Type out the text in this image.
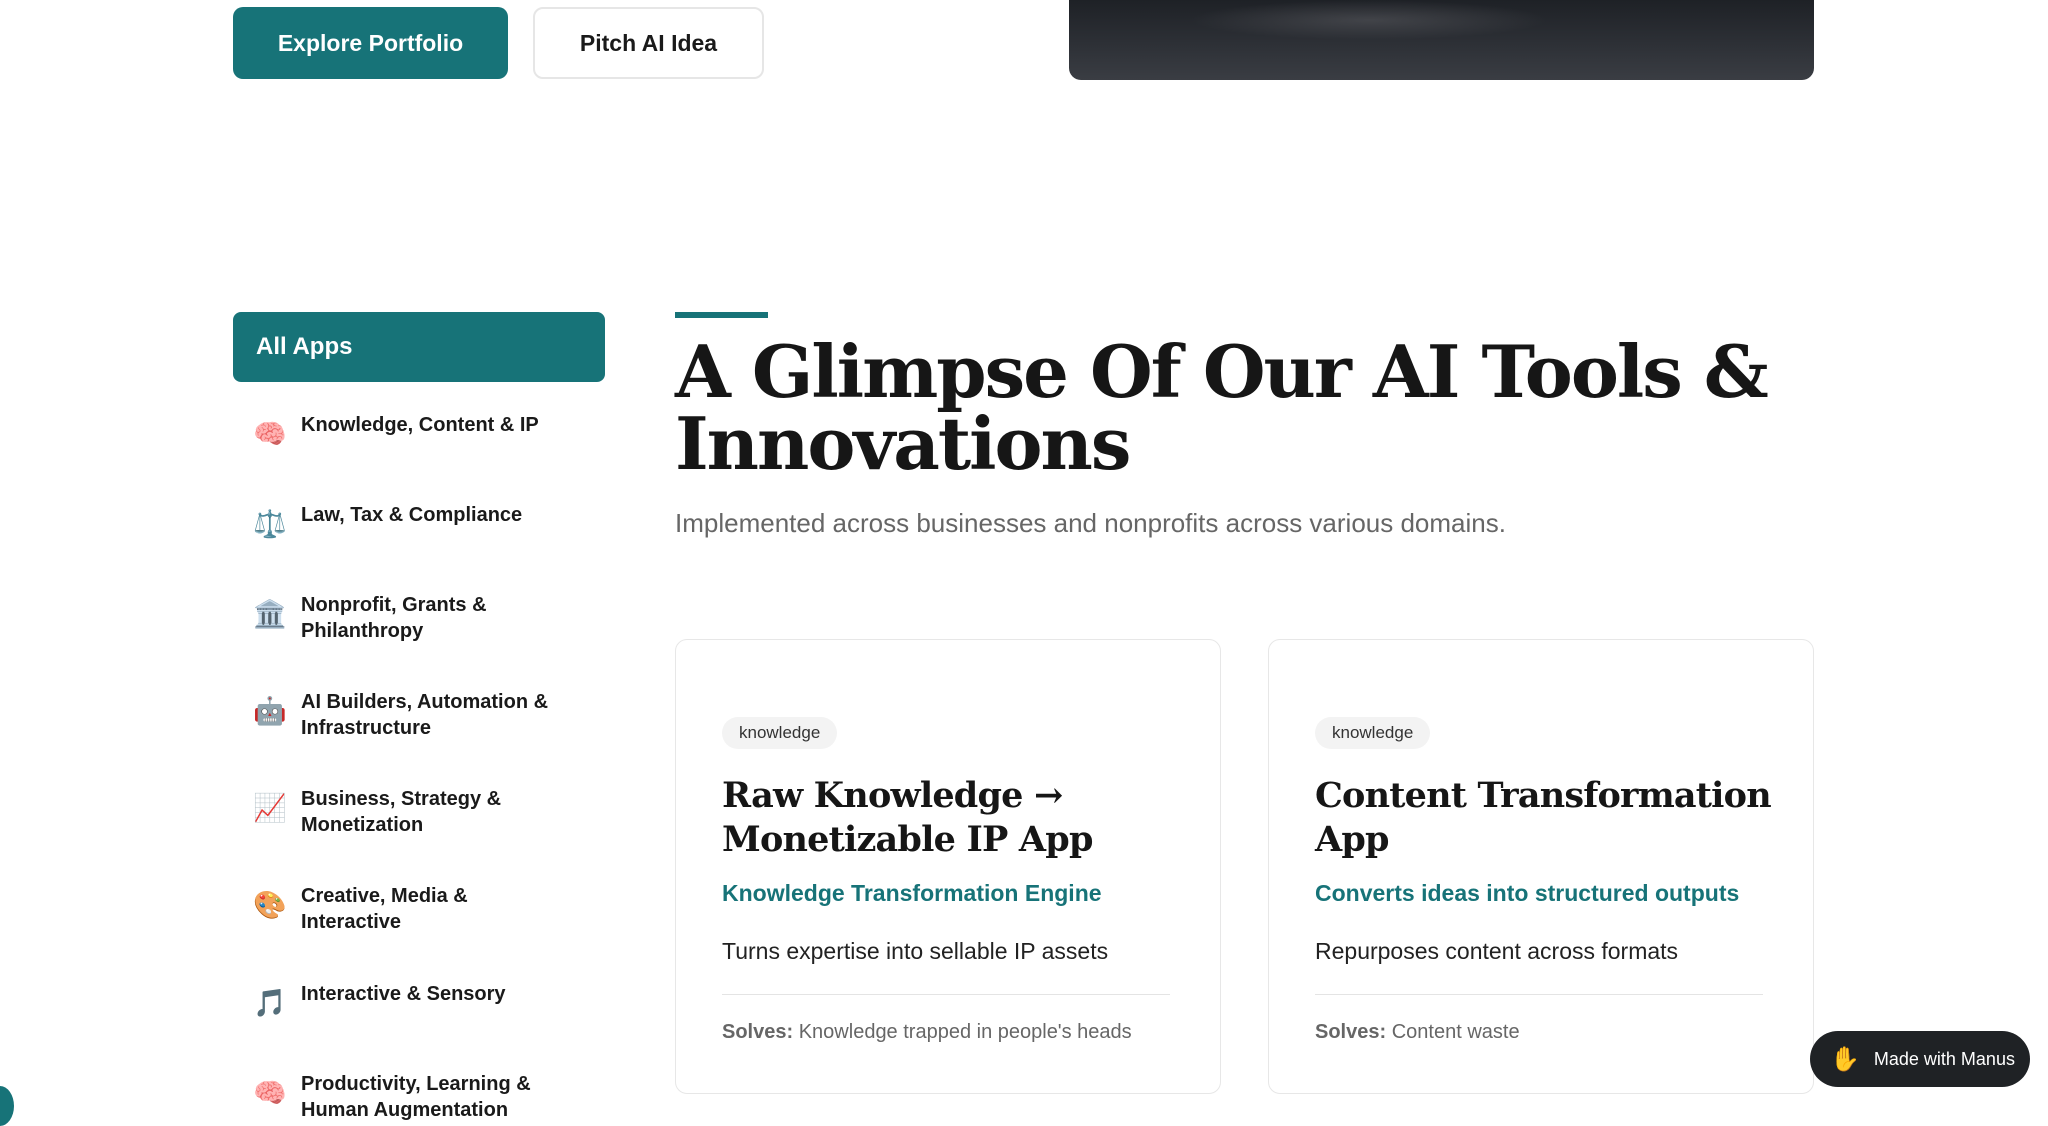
Explore Portfolio	Pitch AI Idea
All Apps
🧠 Knowledge, Content & IP
⚖️ Law, Tax & Compliance
🏛️ Nonprofit, Grants & Philanthropy
🤖 AI Builders, Automation & Infrastructure
📈 Business, Strategy & Monetization
🎨 Creative, Media & Interactive
🎵 Interactive & Sensory
🧠 Productivity, Learning & Human Augmentation
A Glimpse Of Our AI Tools & Innovations
Implemented across businesses and nonprofits across various domains.
knowledge
Raw Knowledge → Monetizable IP App
Knowledge Transformation Engine
Turns expertise into sellable IP assets
Solves: Knowledge trapped in people's heads
knowledge
Content Transformation App
Converts ideas into structured outputs
Repurposes content across formats
Solves: Content waste
✋ Made with Manus
